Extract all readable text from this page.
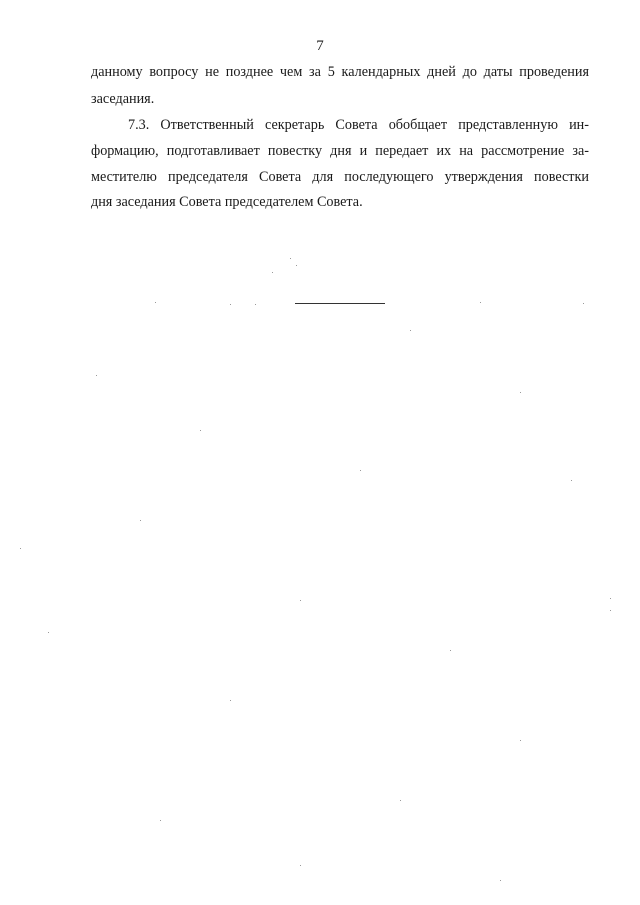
7
данному вопросу не позднее чем за 5 календарных дней до даты проведения
заседания.
7.3. Ответственный секретарь Совета обобщает представленную ин-
формацию, подготавливает повестку дня и передает их на рассмотрение за-
местителю председателя Совета для последующего утверждения повестки
дня заседания Совета председателем Совета.
